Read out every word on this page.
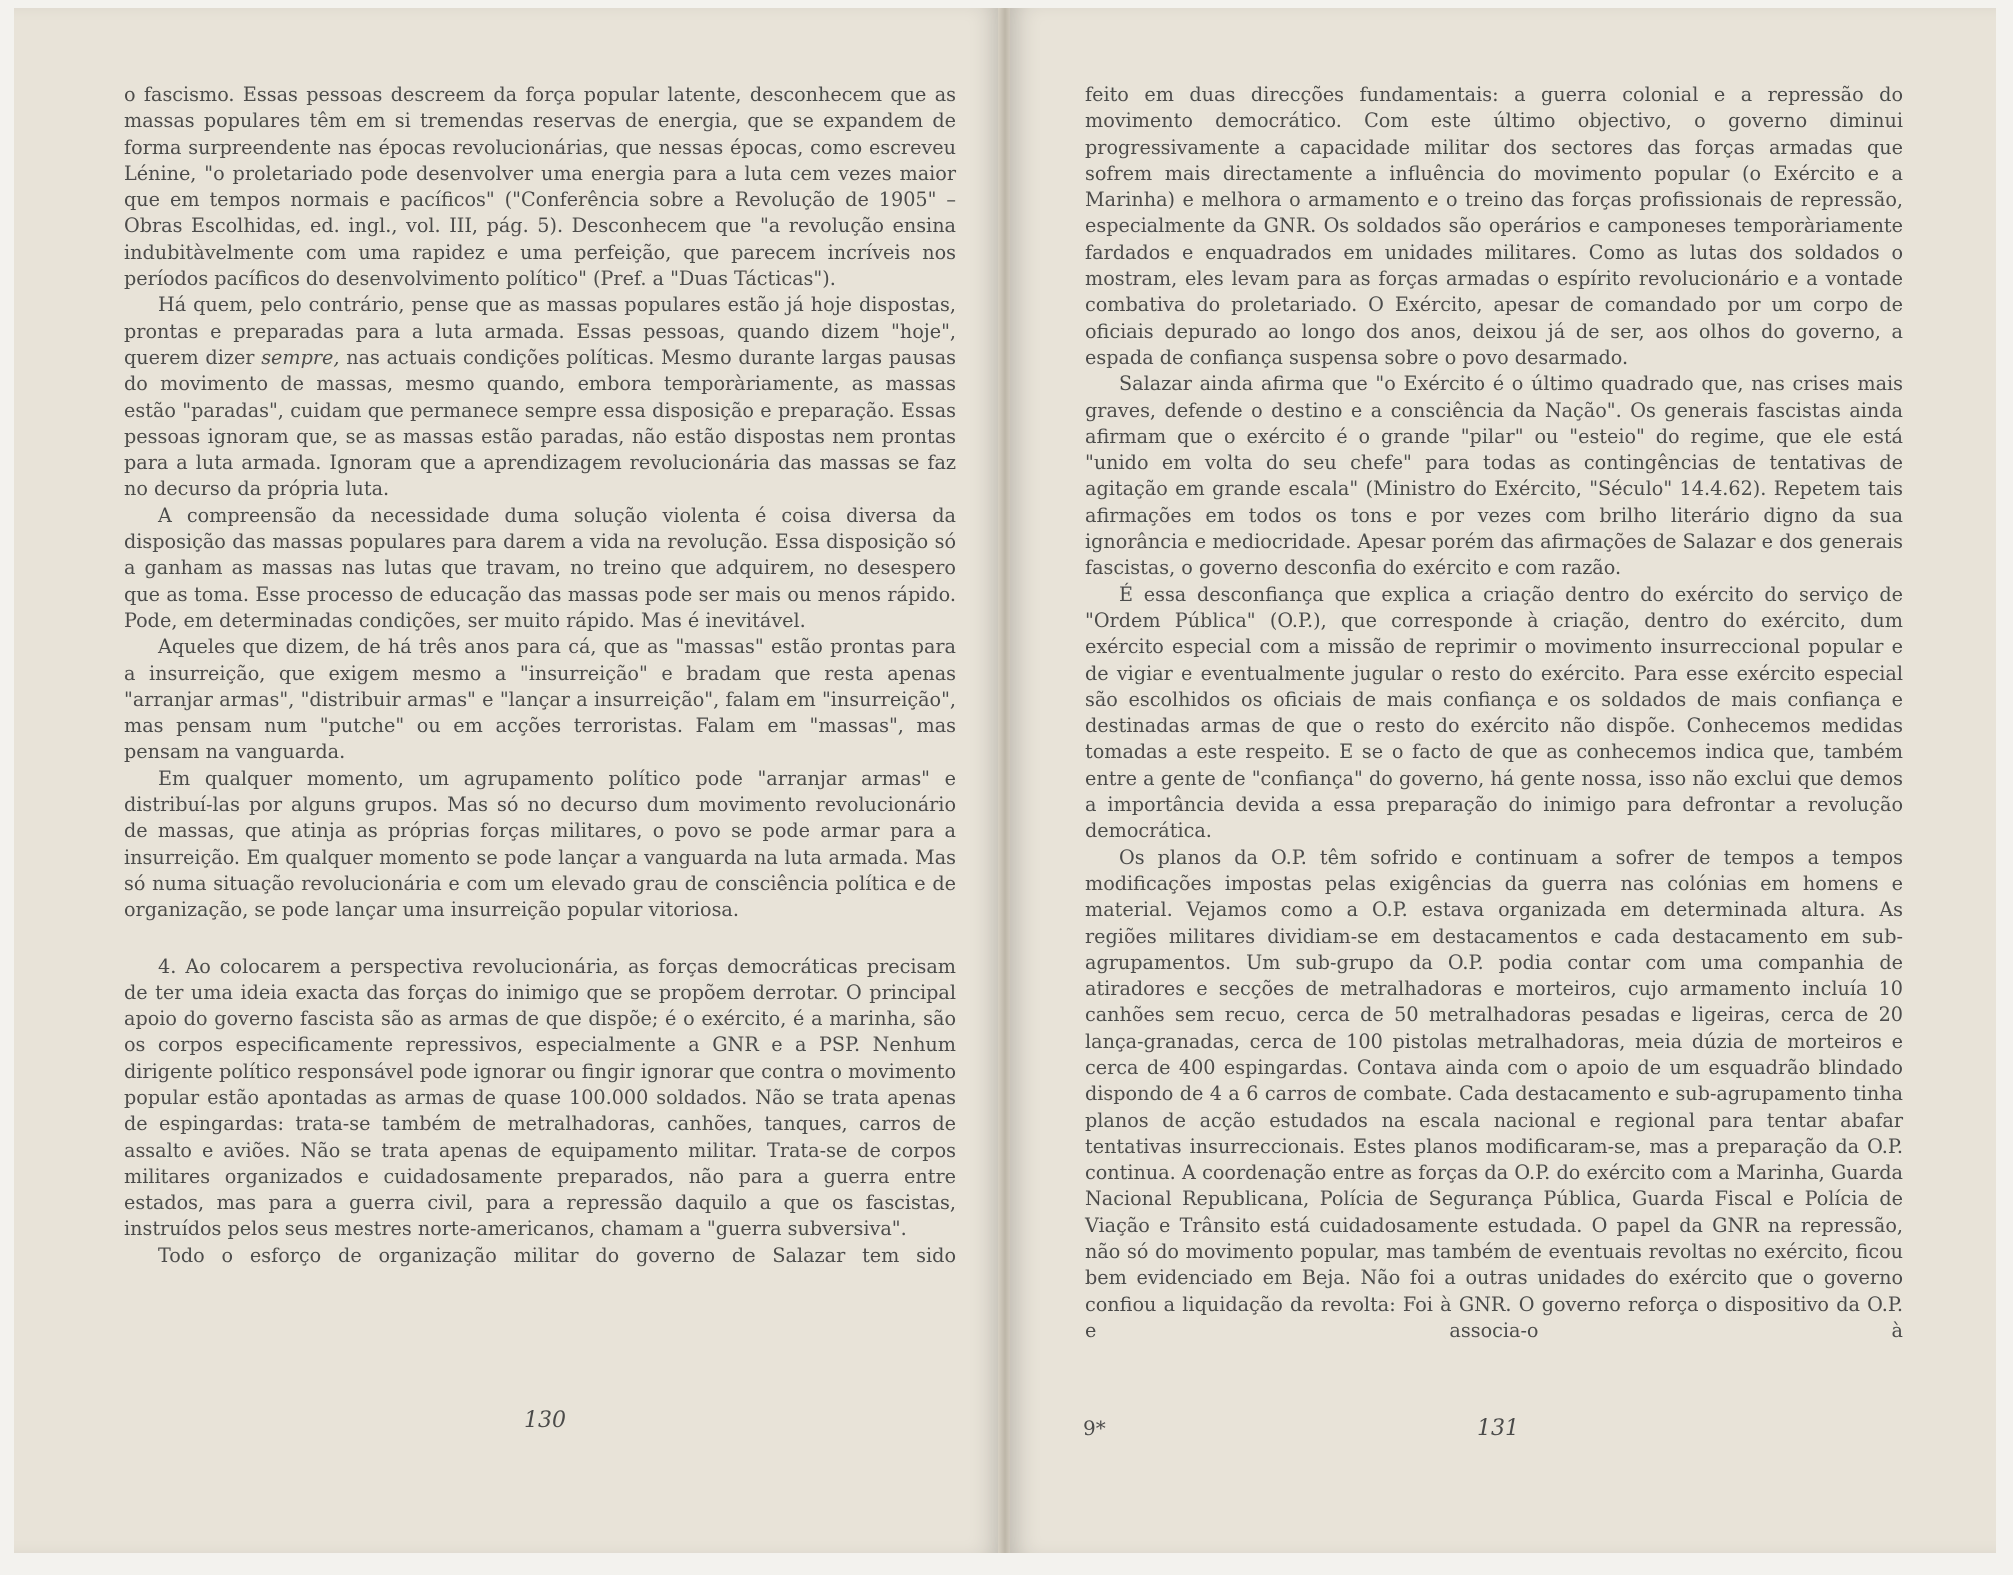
o fascismo. Essas pessoas descreem da força popular latente, desconhecem que as massas populares têm em si tremendas reservas de energia, que se expandem de forma surpreendente nas épocas revolucionárias, que nessas épocas, como escreveu Lénine, "o proletariado pode desenvolver uma energia para a luta cem vezes maior que em tempos normais e pacíficos" ("Conferência sobre a Revolução de 1905" – Obras Escolhidas, ed. ingl., vol. III, pág. 5). Desconhecem que "a revolução ensina indubitàvelmente com uma rapidez e uma perfeição, que parecem incríveis nos períodos pacíficos do desenvolvimento político" (Pref. a "Duas Tácticas").

Há quem, pelo contrário, pense que as massas populares estão já hoje dispostas, prontas e preparadas para a luta armada. Essas pessoas, quando dizem "hoje", querem dizer sempre, nas actuais condições políticas. Mesmo durante largas pausas do movimento de massas, mesmo quando, embora temporàriamente, as massas estão "paradas", cuidam que permanece sempre essa disposição e preparação. Essas pessoas ignoram que, se as massas estão paradas, não estão dispostas nem prontas para a luta armada. Ignoram que a aprendizagem revolucionária das massas se faz no decurso da própria luta.

A compreensão da necessidade duma solução violenta é coisa diversa da disposição das massas populares para darem a vida na revolução. Essa disposição só a ganham as massas nas lutas que travam, no treino que adquirem, no desespero que as toma. Esse processo de educação das massas pode ser mais ou menos rápido. Pode, em determinadas condições, ser muito rápido. Mas é inevitável.

Aqueles que dizem, de há três anos para cá, que as "massas" estão prontas para a insurreição, que exigem mesmo a "insurreição" e bradam que resta apenas "arranjar armas", "distribuir armas" e "lançar a insurreição", falam em "insurreição", mas pensam num "putche" ou em acções terroristas. Falam em "massas", mas pensam na vanguarda.

Em qualquer momento, um agrupamento político pode "arranjar armas" e distribuí-las por alguns grupos. Mas só no decurso dum movimento revolucionário de massas, que atinja as próprias forças militares, o povo se pode armar para a insurreição. Em qualquer momento se pode lançar a vanguarda na luta armada. Mas só numa situação revolucionária e com um elevado grau de consciência política e de organização, se pode lançar uma insurreição popular vitoriosa.

4. Ao colocarem a perspectiva revolucionária, as forças democráticas precisam de ter uma ideia exacta das forças do inimigo que se propõem derrotar. O principal apoio do governo fascista são as armas de que dispõe; é o exército, é a marinha, são os corpos especificamente repressivos, especialmente a GNR e a PSP. Nenhum dirigente político responsável pode ignorar ou fingir ignorar que contra o movimento popular estão apontadas as armas de quase 100.000 soldados. Não se trata apenas de espingardas: trata-se também de metralhadoras, canhões, tanques, carros de assalto e aviões. Não se trata apenas de equipamento militar. Trata-se de corpos militares organizados e cuidadosamente preparados, não para a guerra entre estados, mas para a guerra civil, para a repressão daquilo a que os fascistas, instruídos pelos seus mestres norte-americanos, chamam a "guerra subversiva".

Todo o esforço de organização militar do governo de Salazar tem sido

130

feito em duas direcções fundamentais: a guerra colonial e a repressão do movimento democrático. Com este último objectivo, o governo diminui progressivamente a capacidade militar dos sectores das forças armadas que sofrem mais directamente a influência do movimento popular (o Exército e a Marinha) e melhora o armamento e o treino das forças profissionais de repressão, especialmente da GNR. Os soldados são operários e camponeses temporàriamente fardados e enquadrados em unidades militares. Como as lutas dos soldados o mostram, eles levam para as forças armadas o espírito revolucionário e a vontade combativa do proletariado. O Exército, apesar de comandado por um corpo de oficiais depurado ao longo dos anos, deixou já de ser, aos olhos do governo, a espada de confiança suspensa sobre o povo desarmado.

Salazar ainda afirma que "o Exército é o último quadrado que, nas crises mais graves, defende o destino e a consciência da Nação". Os generais fascistas ainda afirmam que o exército é o grande "pilar" ou "esteio" do regime, que ele está "unido em volta do seu chefe" para todas as contingências de tentativas de agitação em grande escala" (Ministro do Exército, "Século" 14.4.62). Repetem tais afirmações em todos os tons e por vezes com brilho literário digno da sua ignorância e mediocridade. Apesar porém das afirmações de Salazar e dos generais fascistas, o governo desconfia do exército e com razão.

É essa desconfiança que explica a criação dentro do exército do serviço de "Ordem Pública" (O.P.), que corresponde à criação, dentro do exército, dum exército especial com a missão de reprimir o movimento insurreccional popular e de vigiar e eventualmente jugular o resto do exército. Para esse exército especial são escolhidos os oficiais de mais confiança e os soldados de mais confiança e destinadas armas de que o resto do exército não dispõe. Conhecemos medidas tomadas a este respeito. E se o facto de que as conhecemos indica que, também entre a gente de "confiança" do governo, há gente nossa, isso não exclui que demos a importância devida a essa preparação do inimigo para defrontar a revolução democrática.

Os planos da O.P. têm sofrido e continuam a sofrer de tempos a tempos modificações impostas pelas exigências da guerra nas colónias em homens e material. Vejamos como a O.P. estava organizada em determinada altura. As regiões militares dividiam-se em destacamentos e cada destacamento em sub-agrupamentos. Um sub-grupo da O.P. podia contar com uma companhia de atiradores e secções de metralhadoras e morteiros, cujo armamento incluía 10 canhões sem recuo, cerca de 50 metralhadoras pesadas e ligeiras, cerca de 20 lança-granadas, cerca de 100 pistolas metralhadoras, meia dúzia de morteiros e cerca de 400 espingardas. Contava ainda com o apoio de um esquadrão blindado dispondo de 4 a 6 carros de combate. Cada destacamento e sub-agrupamento tinha planos de acção estudados na escala nacional e regional para tentar abafar tentativas insurreccionais. Estes planos modificaram-se, mas a preparação da O.P. continua. A coordenação entre as forças da O.P. do exército com a Marinha, Guarda Nacional Republicana, Polícia de Segurança Pública, Guarda Fiscal e Polícia de Viação e Trânsito está cuidadosamente estudada. O papel da GNR na repressão, não só do movimento popular, mas também de eventuais revoltas no exército, ficou bem evidenciado em Beja. Não foi a outras unidades do exército que o governo confiou a liquidação da revolta: Foi à GNR. O governo reforça o dispositivo da O.P. e associa-o à

9*	131
